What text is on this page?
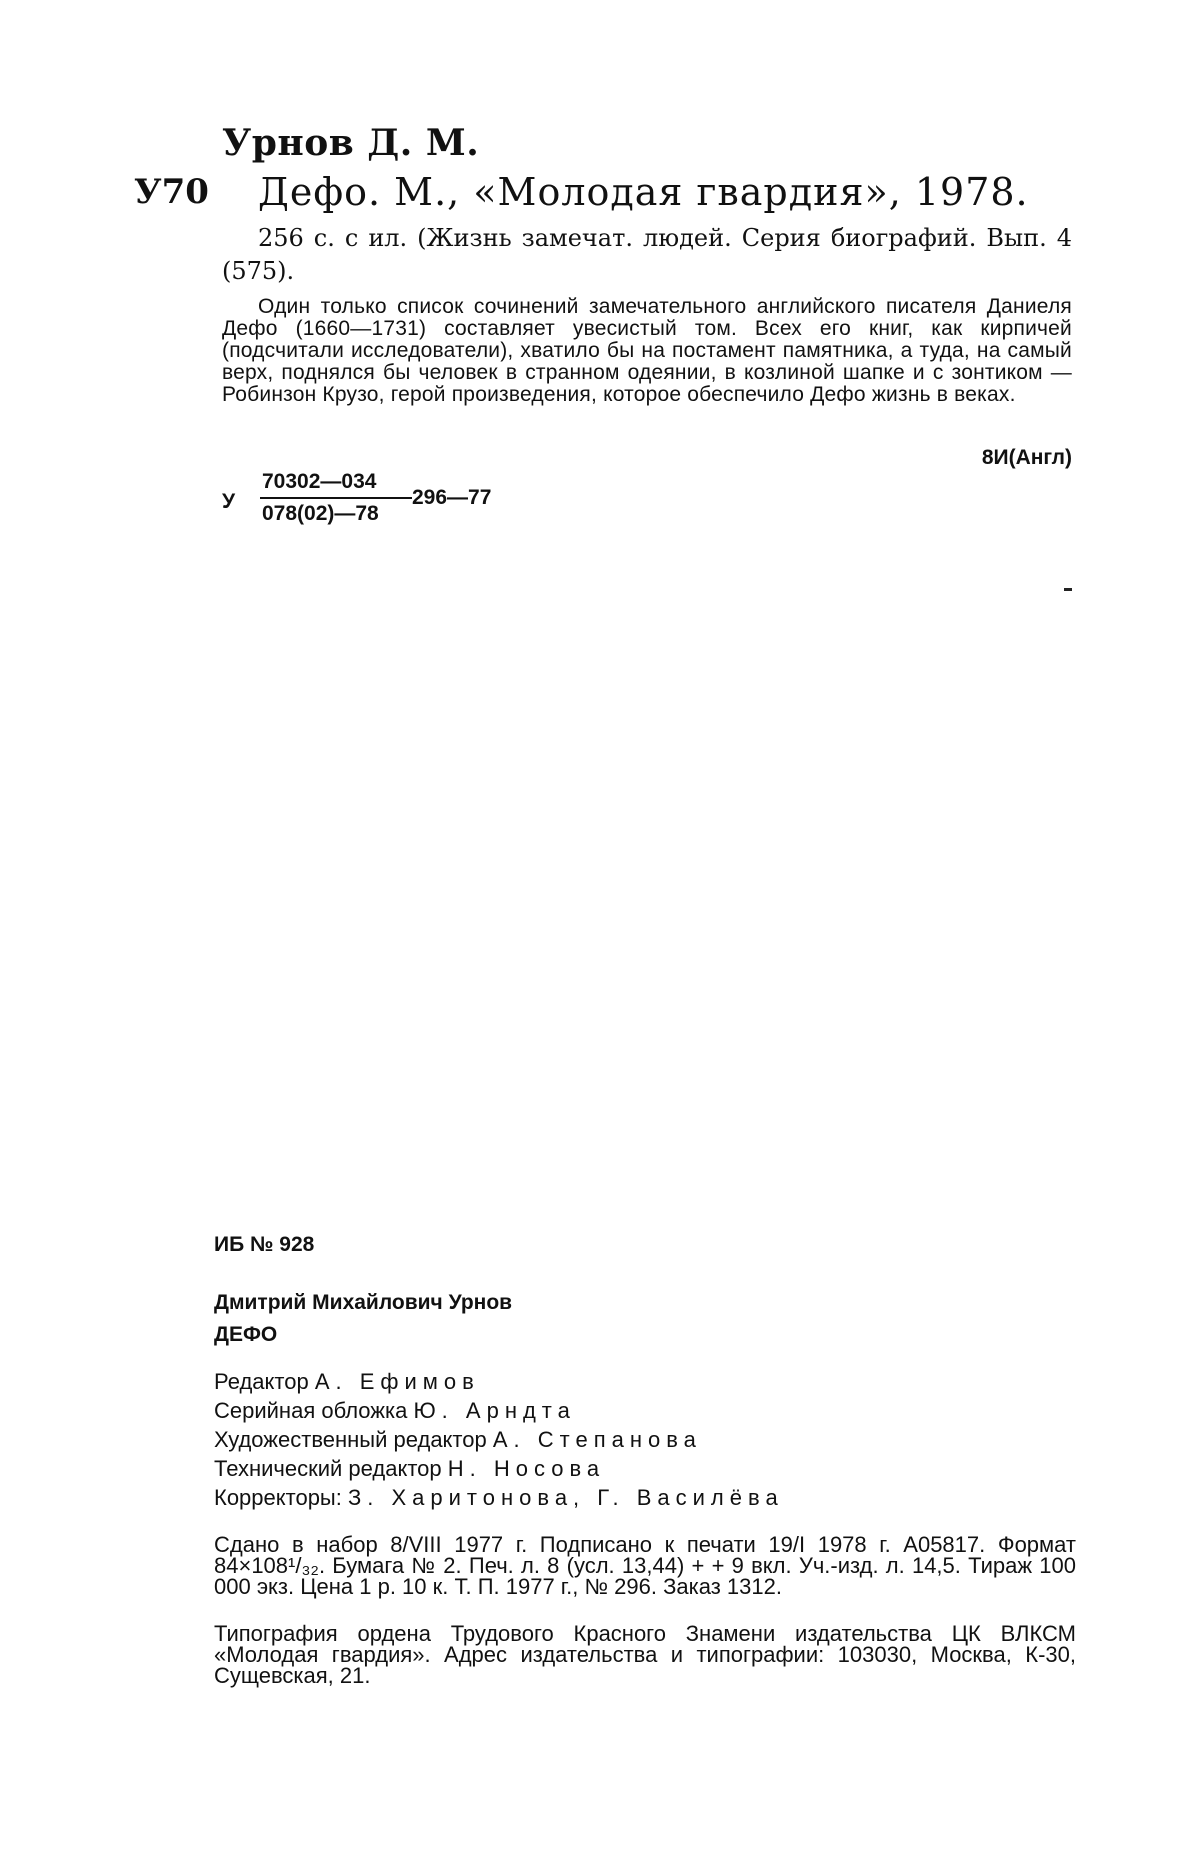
Урнов Д. М.
У70 Дефо. М., «Молодая гвардия», 1978.
256 с. с ил. (Жизнь замечат. людей. Серия биографий. Вып. 4 (575).
Один только список сочинений замечательного английского писателя Даниеля Дефо (1660—1731) составляет увесистый том. Всех его книг, как кирпичей (подсчитали исследователи), хватило бы на постамент памятника, а туда, на самый верх, поднялся бы человек в странном одеянии, в козлиной шапке и с зонтиком — Робинзон Крузо, герой произведения, которое обеспечило Дефо жизнь в веках.
8И(Англ)
У
70302—034
078(02)—78
296—77
ИБ № 928
Дмитрий Михайлович Урнов
ДЕФО
Редактор А. Ефимов
Серийная обложка Ю. Арндта
Художественный редактор А. Степанова
Технический редактор Н. Носова
Корректоры: З. Харитонова, Г. Василёва
Сдано в набор 8/VIII 1977 г. Подписано к печати 19/I 1978 г. А05817. Формат 84×108¹/₃₂. Бумага № 2. Печ. л. 8 (усл. 13,44) + + 9 вкл. Уч.-изд. л. 14,5. Тираж 100 000 экз. Цена 1 р. 10 к. Т. П. 1977 г., № 296. Заказ 1312.
Типография ордена Трудового Красного Знамени издательства ЦК ВЛКСМ «Молодая гвардия». Адрес издательства и типографии: 103030, Москва, К-30, Сущевская, 21.
